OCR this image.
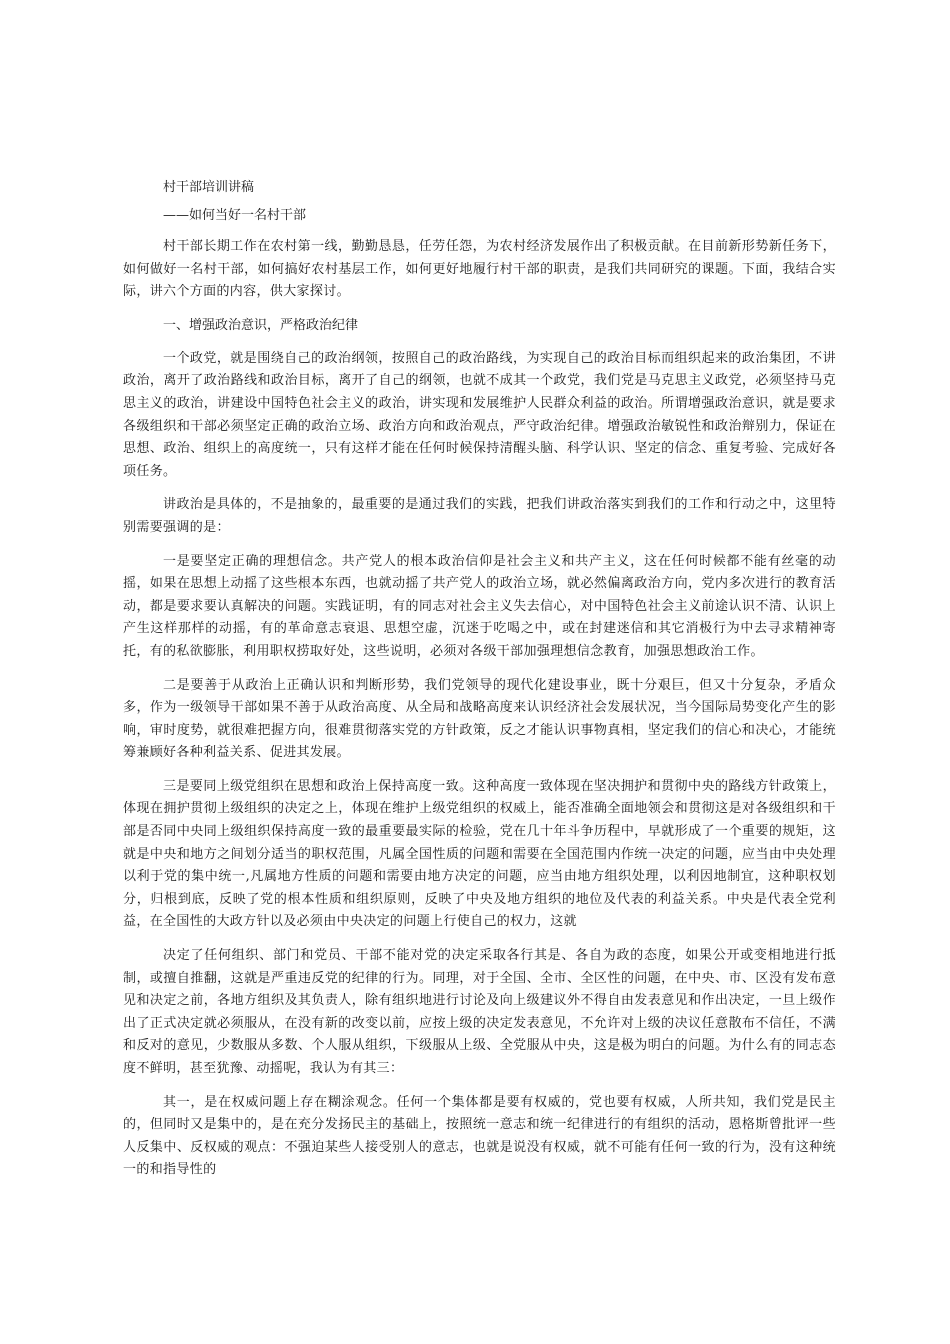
村干部培训讲稿
——如何当好一名村干部

村干部长期工作在农村第一线，勤勤恳恳，任劳任怨，为农村经济发展作出了积极贡献。在目前新形势新任务下，如何做好一名村干部，如何搞好农村基层工作，如何更好地履行村干部的职责，是我们共同研究的课题。下面，我结合实际，讲六个方面的内容，供大家探讨。

一、增强政治意识，严格政治纪律

一个政党，就是围绕自己的政治纲领，按照自己的政治路线，为实现自己的政治目标而组织起来的政治集团，不讲政治，离开了政治路线和政治目标，离开了自己的纲领，也就不成其一个政党，我们党是马克思主义政党，必须坚持马克思主义的政治，讲建设中国特色社会主义的政治，讲实现和发展维护人民群众利益的政治。所谓增强政治意识，就是要求各级组织和干部必须坚定正确的政治立场、政治方向和政治观点，严守政治纪律。增强政治敏锐性和政治辩别力，保证在思想、政治、组织上的高度统一，只有这样才能在任何时候保持清醒头脑、科学认识、坚定的信念、重复考验、完成好各项任务。

讲政治是具体的，不是抽象的，最重要的是通过我们的实践，把我们讲政治落实到我们的工作和行动之中，这里特别需要强调的是：

一是要坚定正确的理想信念。共产党人的根本政治信仰是社会主义和共产主义，这在任何时候都不能有丝毫的动摇，如果在思想上动摇了这些根本东西，也就动摇了共产党人的政治立场，就必然偏离政治方向，党内多次进行的教育活动，都是要求要认真解决的问题。实践证明，有的同志对社会主义失去信心，对中国特色社会主义前途认识不清、认识上产生这样那样的动摇，有的革命意志衰退、思想空虚，沉迷于吃喝之中，或在封建迷信和其它消极行为中去寻求精神寄托，有的私欲膨胀，利用职权捞取好处，这些说明，必须对各级干部加强理想信念教育，加强思想政治工作。

二是要善于从政治上正确认识和判断形势，我们党领导的现代化建设事业，既十分艰巨，但又十分复杂，矛盾众多，作为一级领导干部如果不善于从政治高度、从全局和战略高度来认识经济社会发展状况，当今国际局势变化产生的影响，审时度势，就很难把握方向，很难贯彻落实党的方针政策，反之才能认识事物真相，坚定我们的信心和决心，才能统筹兼顾好各种利益关系、促进其发展。

三是要同上级党组织在思想和政治上保持高度一致。这种高度一致体现在坚决拥护和贯彻中央的路线方针政策上，体现在拥护贯彻上级组织的决定之上，体现在维护上级党组织的权威上，能否准确全面地领会和贯彻这是对各级组织和干部是否同中央同上级组织保持高度一致的最重要最实际的检验，党在几十年斗争历程中，早就形成了一个重要的规矩，这就是中央和地方之间划分适当的职权范围，凡属全国性质的问题和需要在全国范围内作统一决定的问题，应当由中央处理以利于党的集中统一,凡属地方性质的问题和需要由地方决定的问题，应当由地方组织处理，以利因地制宜，这种职权划分，归根到底，反映了党的根本性质和组织原则，反映了中央及地方组织的地位及代表的利益关系。中央是代表全党利益，在全国性的大政方针以及必须由中央决定的问题上行使自己的权力，这就

决定了任何组织、部门和党员、干部不能对党的决定采取各行其是、各自为政的态度，如果公开或变相地进行抵制，或擅自推翻，这就是严重违反党的纪律的行为。同理，对于全国、全市、全区性的问题，在中央、市、区没有发布意见和决定之前，各地方组织及其负责人，除有组织地进行讨论及向上级建议外不得自由发表意见和作出决定，一旦上级作出了正式决定就必须服从，在没有新的改变以前，应按上级的决定发表意见，不允许对上级的决议任意散布不信任，不满和反对的意见，少数服从多数、个人服从组织，下级服从上级、全党服从中央，这是极为明白的问题。为什么有的同志态度不鲜明，甚至犹豫、动摇呢，我认为有其三：

其一，是在权威问题上存在糊涂观念。任何一个集体都是要有权威的，党也要有权威，人所共知，我们党是民主的，但同时又是集中的，是在充分发扬民主的基础上，按照统一意志和统一纪律进行的有组织的活动，恩格斯曾批评一些人反集中、反权威的观点：不强迫某些人接受别人的意志，也就是说没有权威，就不可能有任何一致的行为，没有这种统一的和指导性的
